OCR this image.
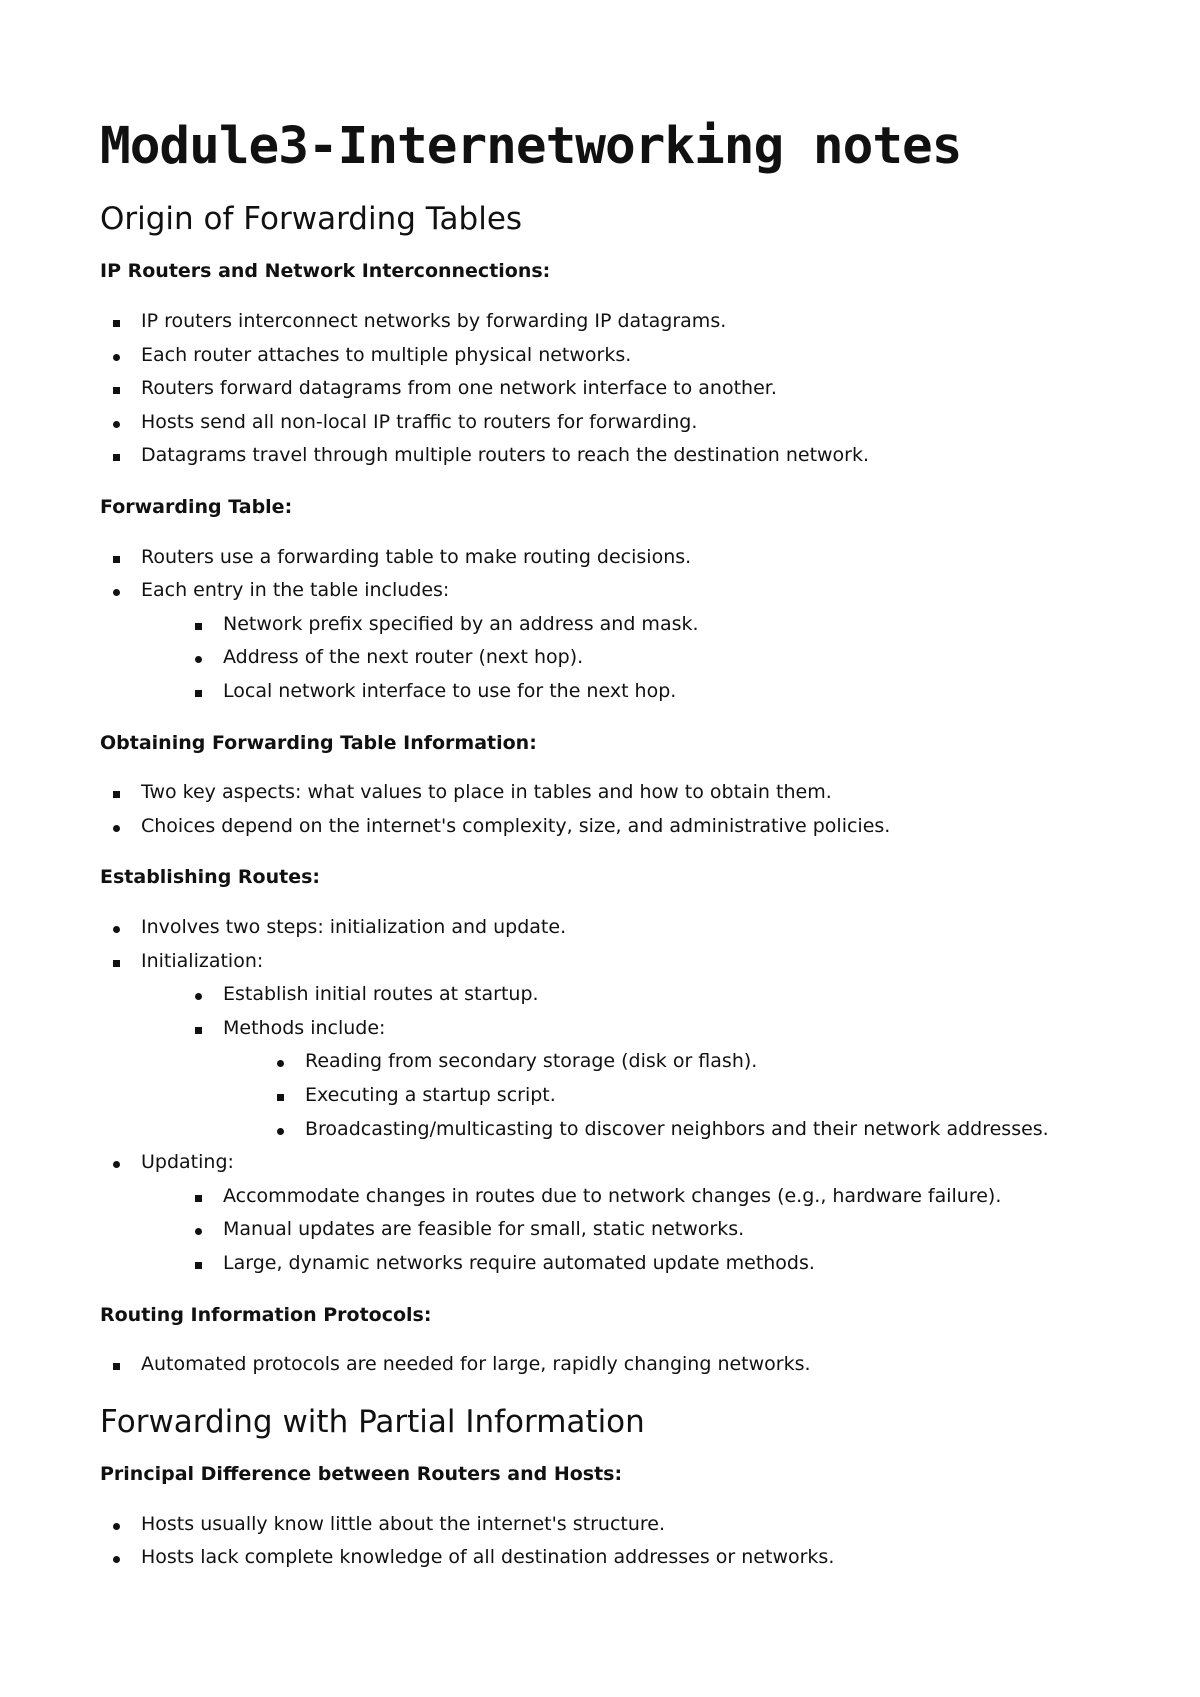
Module3-Internetworking notes
Origin of Forwarding Tables

IP Routers and Network Interconnections:

IP routers interconnect networks by forwarding IP datagrams.
Each router attaches to multiple physical networks.
Routers forward datagrams from one network interface to another.
Hosts send all non-local IP traffic to routers for forwarding.
Datagrams travel through multiple routers to reach the destination network.

Forwarding Table:

Routers use a forwarding table to make routing decisions.
Each entry in the table includes:
Network prefix specified by an address and mask.
Address of the next router (next hop).
Local network interface to use for the next hop.

Obtaining Forwarding Table Information:

Two key aspects: what values to place in tables and how to obtain them.
Choices depend on the internet's complexity, size, and administrative policies.

Establishing Routes:

Involves two steps: initialization and update.
Initialization:
Establish initial routes at startup.
Methods include:
Reading from secondary storage (disk or flash).
Executing a startup script.
Broadcasting/multicasting to discover neighbors and their network addresses.
Updating:
Accommodate changes in routes due to network changes (e.g., hardware failure).
Manual updates are feasible for small, static networks.
Large, dynamic networks require automated update methods.

Routing Information Protocols:

Automated protocols are needed for large, rapidly changing networks.
Forwarding with Partial Information

Principal Difference between Routers and Hosts:

Hosts usually know little about the internet's structure.
Hosts lack complete knowledge of all destination addresses or networks.
